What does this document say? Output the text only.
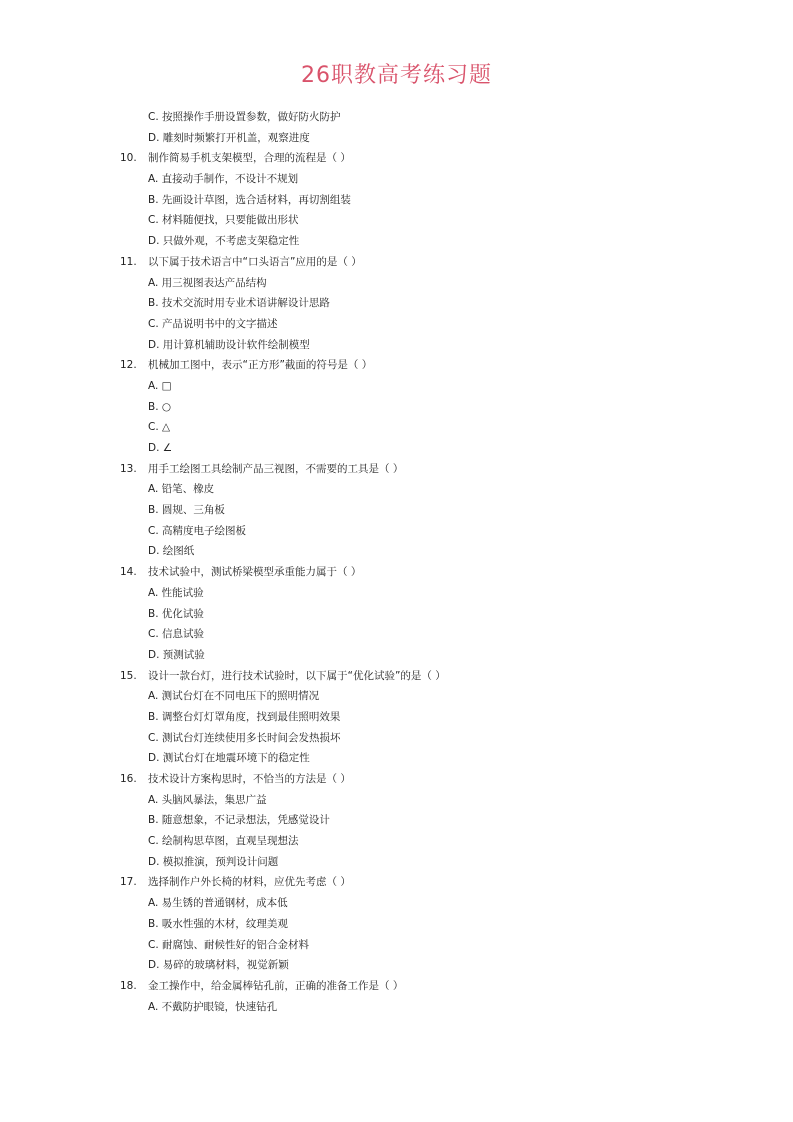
26职教高考练习题
C. 按照操作手册设置参数，做好防火防护
D. 雕刻时频繁打开机盖，观察进度
10. 制作简易手机支架模型，合理的流程是（ ）
A. 直接动手制作，不设计不规划
B. 先画设计草图，选合适材料，再切割组装
C. 材料随便找，只要能做出形状
D. 只做外观，不考虑支架稳定性
11. 以下属于技术语言中“口头语言”应用的是（ ）
A. 用三视图表达产品结构
B. 技术交流时用专业术语讲解设计思路
C. 产品说明书中的文字描述
D. 用计算机辅助设计软件绘制模型
12. 机械加工图中，表示“正方形”截面的符号是（ ）
A. □
B. ○
C. △
D. ∠
13. 用手工绘图工具绘制产品三视图，不需要的工具是（ ）
A. 铅笔、橡皮
B. 圆规、三角板
C. 高精度电子绘图板
D. 绘图纸
14. 技术试验中，测试桥梁模型承重能力属于（ ）
A. 性能试验
B. 优化试验
C. 信息试验
D. 预测试验
15. 设计一款台灯，进行技术试验时，以下属于“优化试验”的是（ ）
A. 测试台灯在不同电压下的照明情况
B. 调整台灯灯罩角度，找到最佳照明效果
C. 测试台灯连续使用多长时间会发热损坏
D. 测试台灯在地震环境下的稳定性
16. 技术设计方案构思时，不恰当的方法是（ ）
A. 头脑风暴法，集思广益
B. 随意想象，不记录想法，凭感觉设计
C. 绘制构思草图，直观呈现想法
D. 模拟推演，预判设计问题
17. 选择制作户外长椅的材料，应优先考虑（ ）
A. 易生锈的普通钢材，成本低
B. 吸水性强的木材，纹理美观
C. 耐腐蚀、耐候性好的铝合金材料
D. 易碎的玻璃材料，视觉新颖
18. 金工操作中，给金属棒钻孔前，正确的准备工作是（ ）
A. 不戴防护眼镜，快速钻孔
